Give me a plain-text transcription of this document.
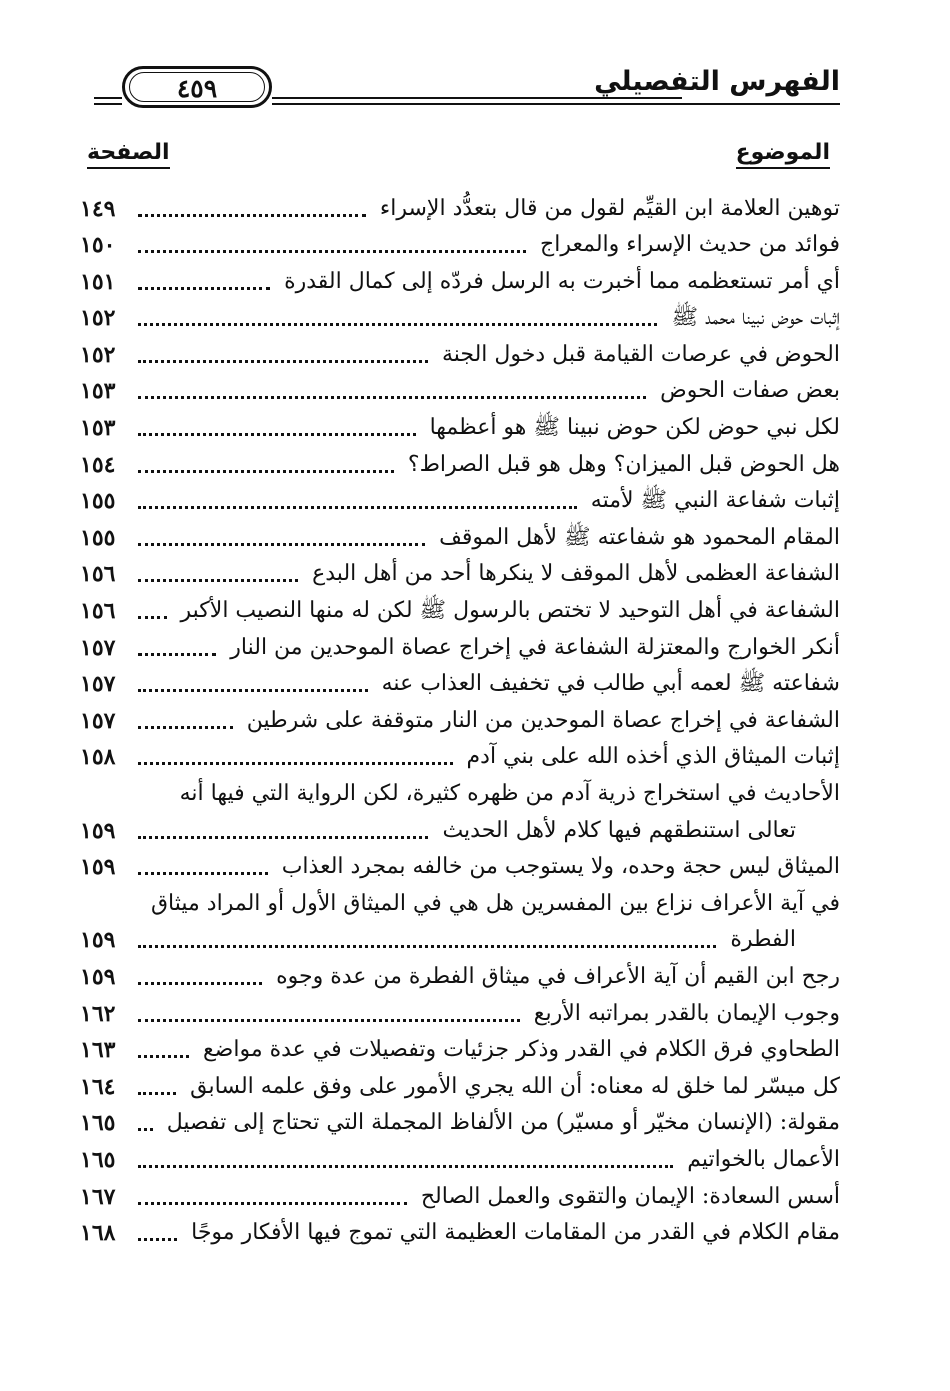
الفهرس التفصيلي
٤٥٩
الموضوع
الصفحة
توهين العلامة ابن القيِّم لقول من قال بتعدُّد الإسراء
١٤٩
فوائد من حديث الإسراء والمعراج
١٥٠
أي أمر تستعظمه مما أخبرت به الرسل فردّه إلى كمال القدرة
١٥١
إثبات حوض نبينا محمد ﷺ
١٥٢
الحوض في عرصات القيامة قبل دخول الجنة
١٥٢
بعض صفات الحوض
١٥٣
لكل نبي حوض لكن حوض نبينا ﷺ هو أعظمها
١٥٣
هل الحوض قبل الميزان؟ وهل هو قبل الصراط؟
١٥٤
إثبات شفاعة النبي ﷺ لأمته
١٥٥
المقام المحمود هو شفاعته ﷺ لأهل الموقف
١٥٥
الشفاعة العظمى لأهل الموقف لا ينكرها أحد من أهل البدع
١٥٦
الشفاعة في أهل التوحيد لا تختص بالرسول ﷺ لكن له منها النصيب الأكبر
١٥٦
أنكر الخوارج والمعتزلة الشفاعة في إخراج عصاة الموحدين من النار
١٥٧
شفاعته ﷺ لعمه أبي طالب في تخفيف العذاب عنه
١٥٧
الشفاعة في إخراج عصاة الموحدين من النار متوقفة على شرطين
١٥٧
إثبات الميثاق الذي أخذه الله على بني آدم
١٥٨
الأحاديث في استخراج ذرية آدم من ظهره كثيرة، لكن الرواية التي فيها أنه
تعالى استنطقهم فيها كلام لأهل الحديث
١٥٩
الميثاق ليس حجة وحده، ولا يستوجب من خالفه بمجرد العذاب
١٥٩
في آية الأعراف نزاع بين المفسرين هل هي في الميثاق الأول أو المراد ميثاق
الفطرة
١٥٩
رجح ابن القيم أن آية الأعراف في ميثاق الفطرة من عدة وجوه
١٥٩
وجوب الإيمان بالقدر بمراتبه الأربع
١٦٢
الطحاوي فرق الكلام في القدر وذكر جزئيات وتفصيلات في عدة مواضع
١٦٣
كل ميسّر لما خلق له معناه: أن الله يجري الأمور على وفق علمه السابق
١٦٤
مقولة: (الإنسان مخيّر أو مسيّر) من الألفاظ المجملة التي تحتاج إلى تفصيل
١٦٥
الأعمال بالخواتيم
١٦٥
أسس السعادة: الإيمان والتقوى والعمل الصالح
١٦٧
مقام الكلام في القدر من المقامات العظيمة التي تموج فيها الأفكار موجًا
١٦٨
